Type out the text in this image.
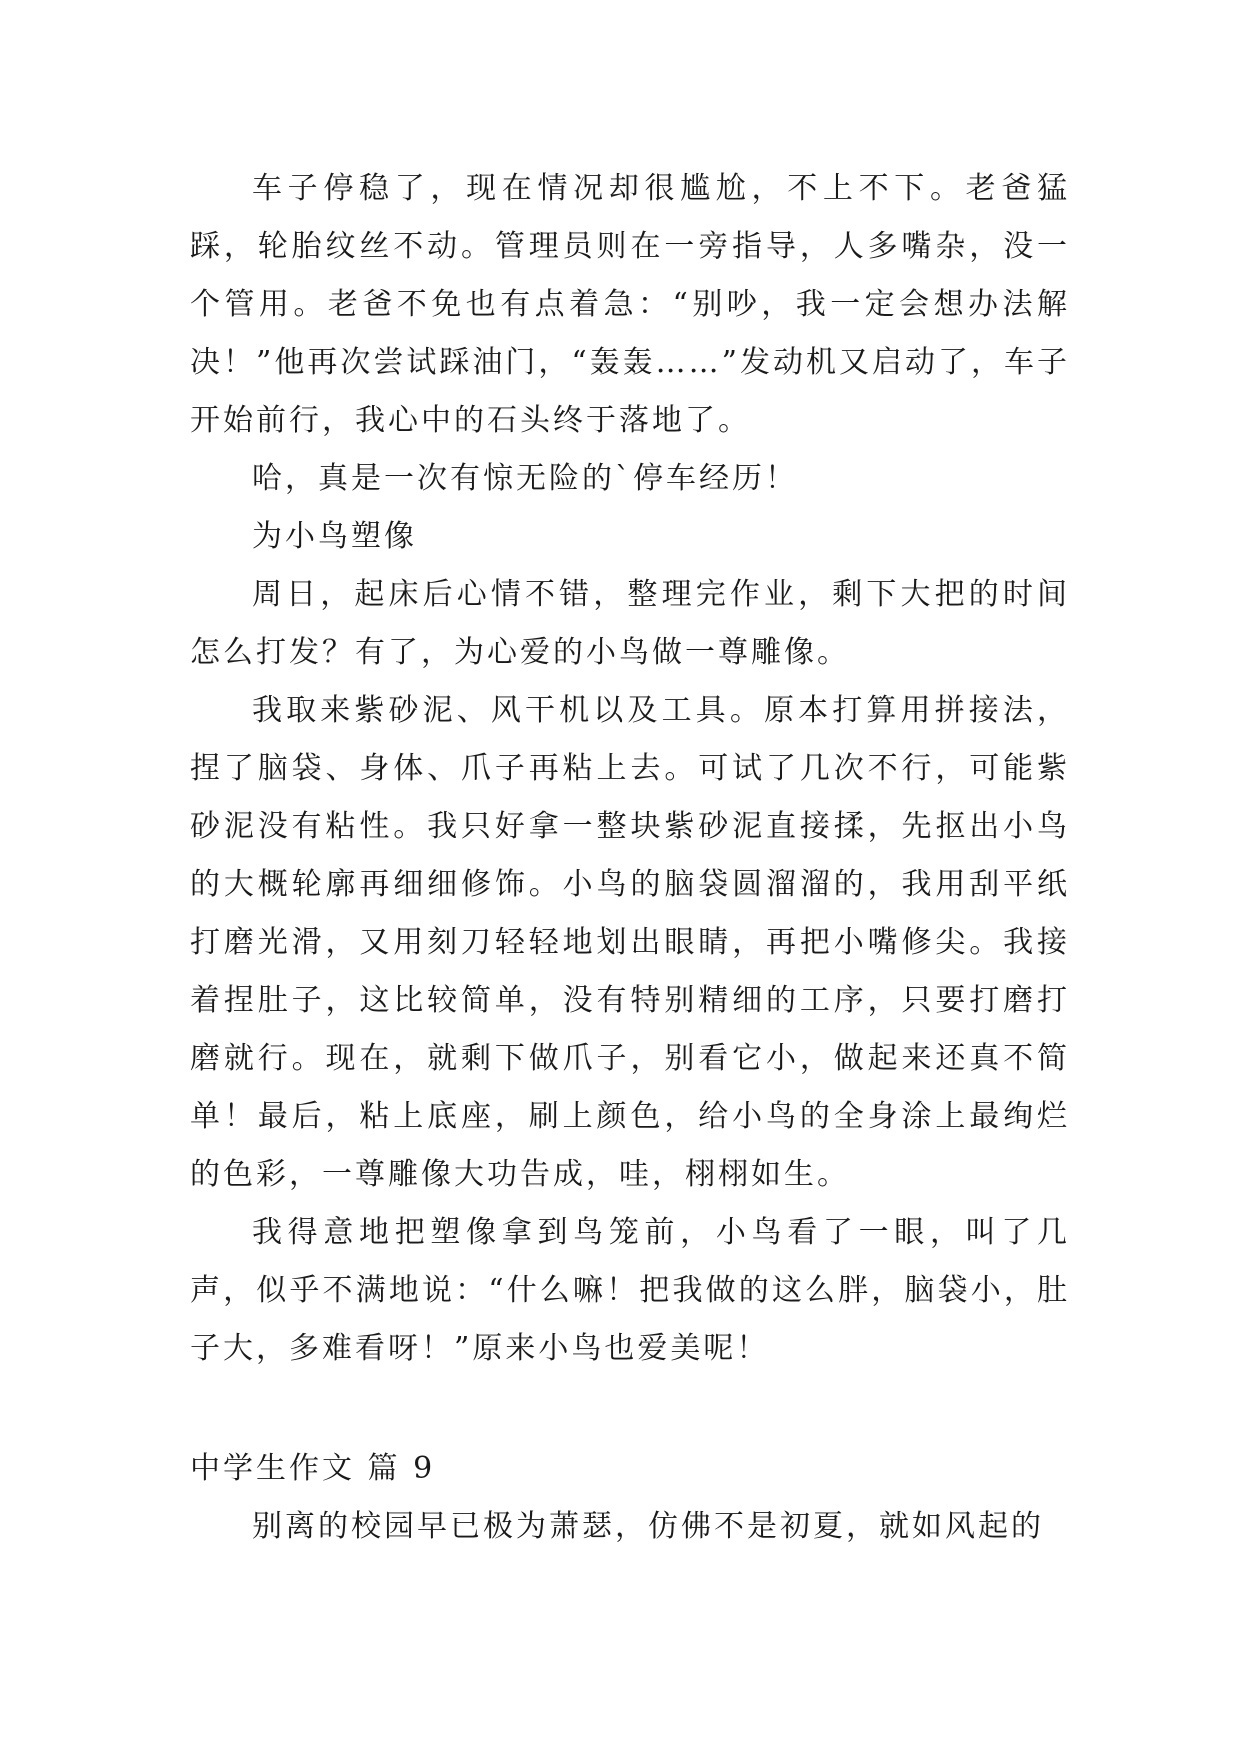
车子停稳了，现在情况却很尴尬，不上不下。老爸猛踩，轮胎纹丝不动。管理员则在一旁指导，人多嘴杂，没一个管用。老爸不免也有点着急：“别吵，我一定会想办法解决！”他再次尝试踩油门，“轰轰……”发动机又启动了，车子开始前行，我心中的石头终于落地了。

哈，真是一次有惊无险的`停车经历！

为小鸟塑像

周日，起床后心情不错，整理完作业，剩下大把的时间怎么打发？有了，为心爱的小鸟做一尊雕像。

我取来紫砂泥、风干机以及工具。原本打算用拼接法，捏了脑袋、身体、爪子再粘上去。可试了几次不行，可能紫砂泥没有粘性。我只好拿一整块紫砂泥直接揉，先抠出小鸟的大概轮廓再细细修饰。小鸟的脑袋圆溜溜的，我用刮平纸打磨光滑，又用刻刀轻轻地划出眼睛，再把小嘴修尖。我接着捏肚子，这比较简单，没有特别精细的工序，只要打磨打磨就行。现在，就剩下做爪子，别看它小，做起来还真不简单！最后，粘上底座，刷上颜色，给小鸟的全身涂上最绚烂的色彩，一尊雕像大功告成，哇，栩栩如生。

我得意地把塑像拿到鸟笼前，小鸟看了一眼，叫了几声，似乎不满地说：“什么嘛！把我做的这么胖，脑袋小，肚子大，多难看呀！”原来小鸟也爱美呢！

中学生作文 篇 9

别离的校园早已极为萧瑟，仿佛不是初夏，就如风起的
